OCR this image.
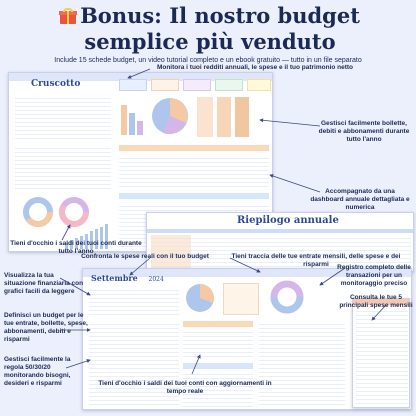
Bonus: Il nostro budget semplice più venduto
Include 15 schede budget, un video tutorial completo e un ebook gratuito — tutto in un file separato
Cruscotto
Riepilogo annuale
Settembre 2024
Monitora i tuoi redditi annuali, le spese e il tuo patrimonio netto
Gestisci facilmente bollette, debiti e abbonamenti durante tutto l'anno
Accompagnato da una dashboard annuale dettagliata e numerica
Tieni d'occhio i saldi dei tuoi conti durante tutto l'anno
Confronta le spese reali con il tuo budget	Tieni traccia delle tue entrate mensili, delle spese e dei risparmi
Visualizza la tua situazione finanziaria con grafici facili da leggere
Registro completo delle transazioni per un monitoraggio preciso
Consulta le tue 5 principali spese mensili
Definisci un budget per le tue entrate, bollette, spese, abbonamenti, debiti e risparmi
Gestisci facilmente la regola 50/30/20 monitorando bisogni, desideri e risparmi	Tieni d'occhio i saldi dei tuoi conti con aggiornamenti in tempo reale
